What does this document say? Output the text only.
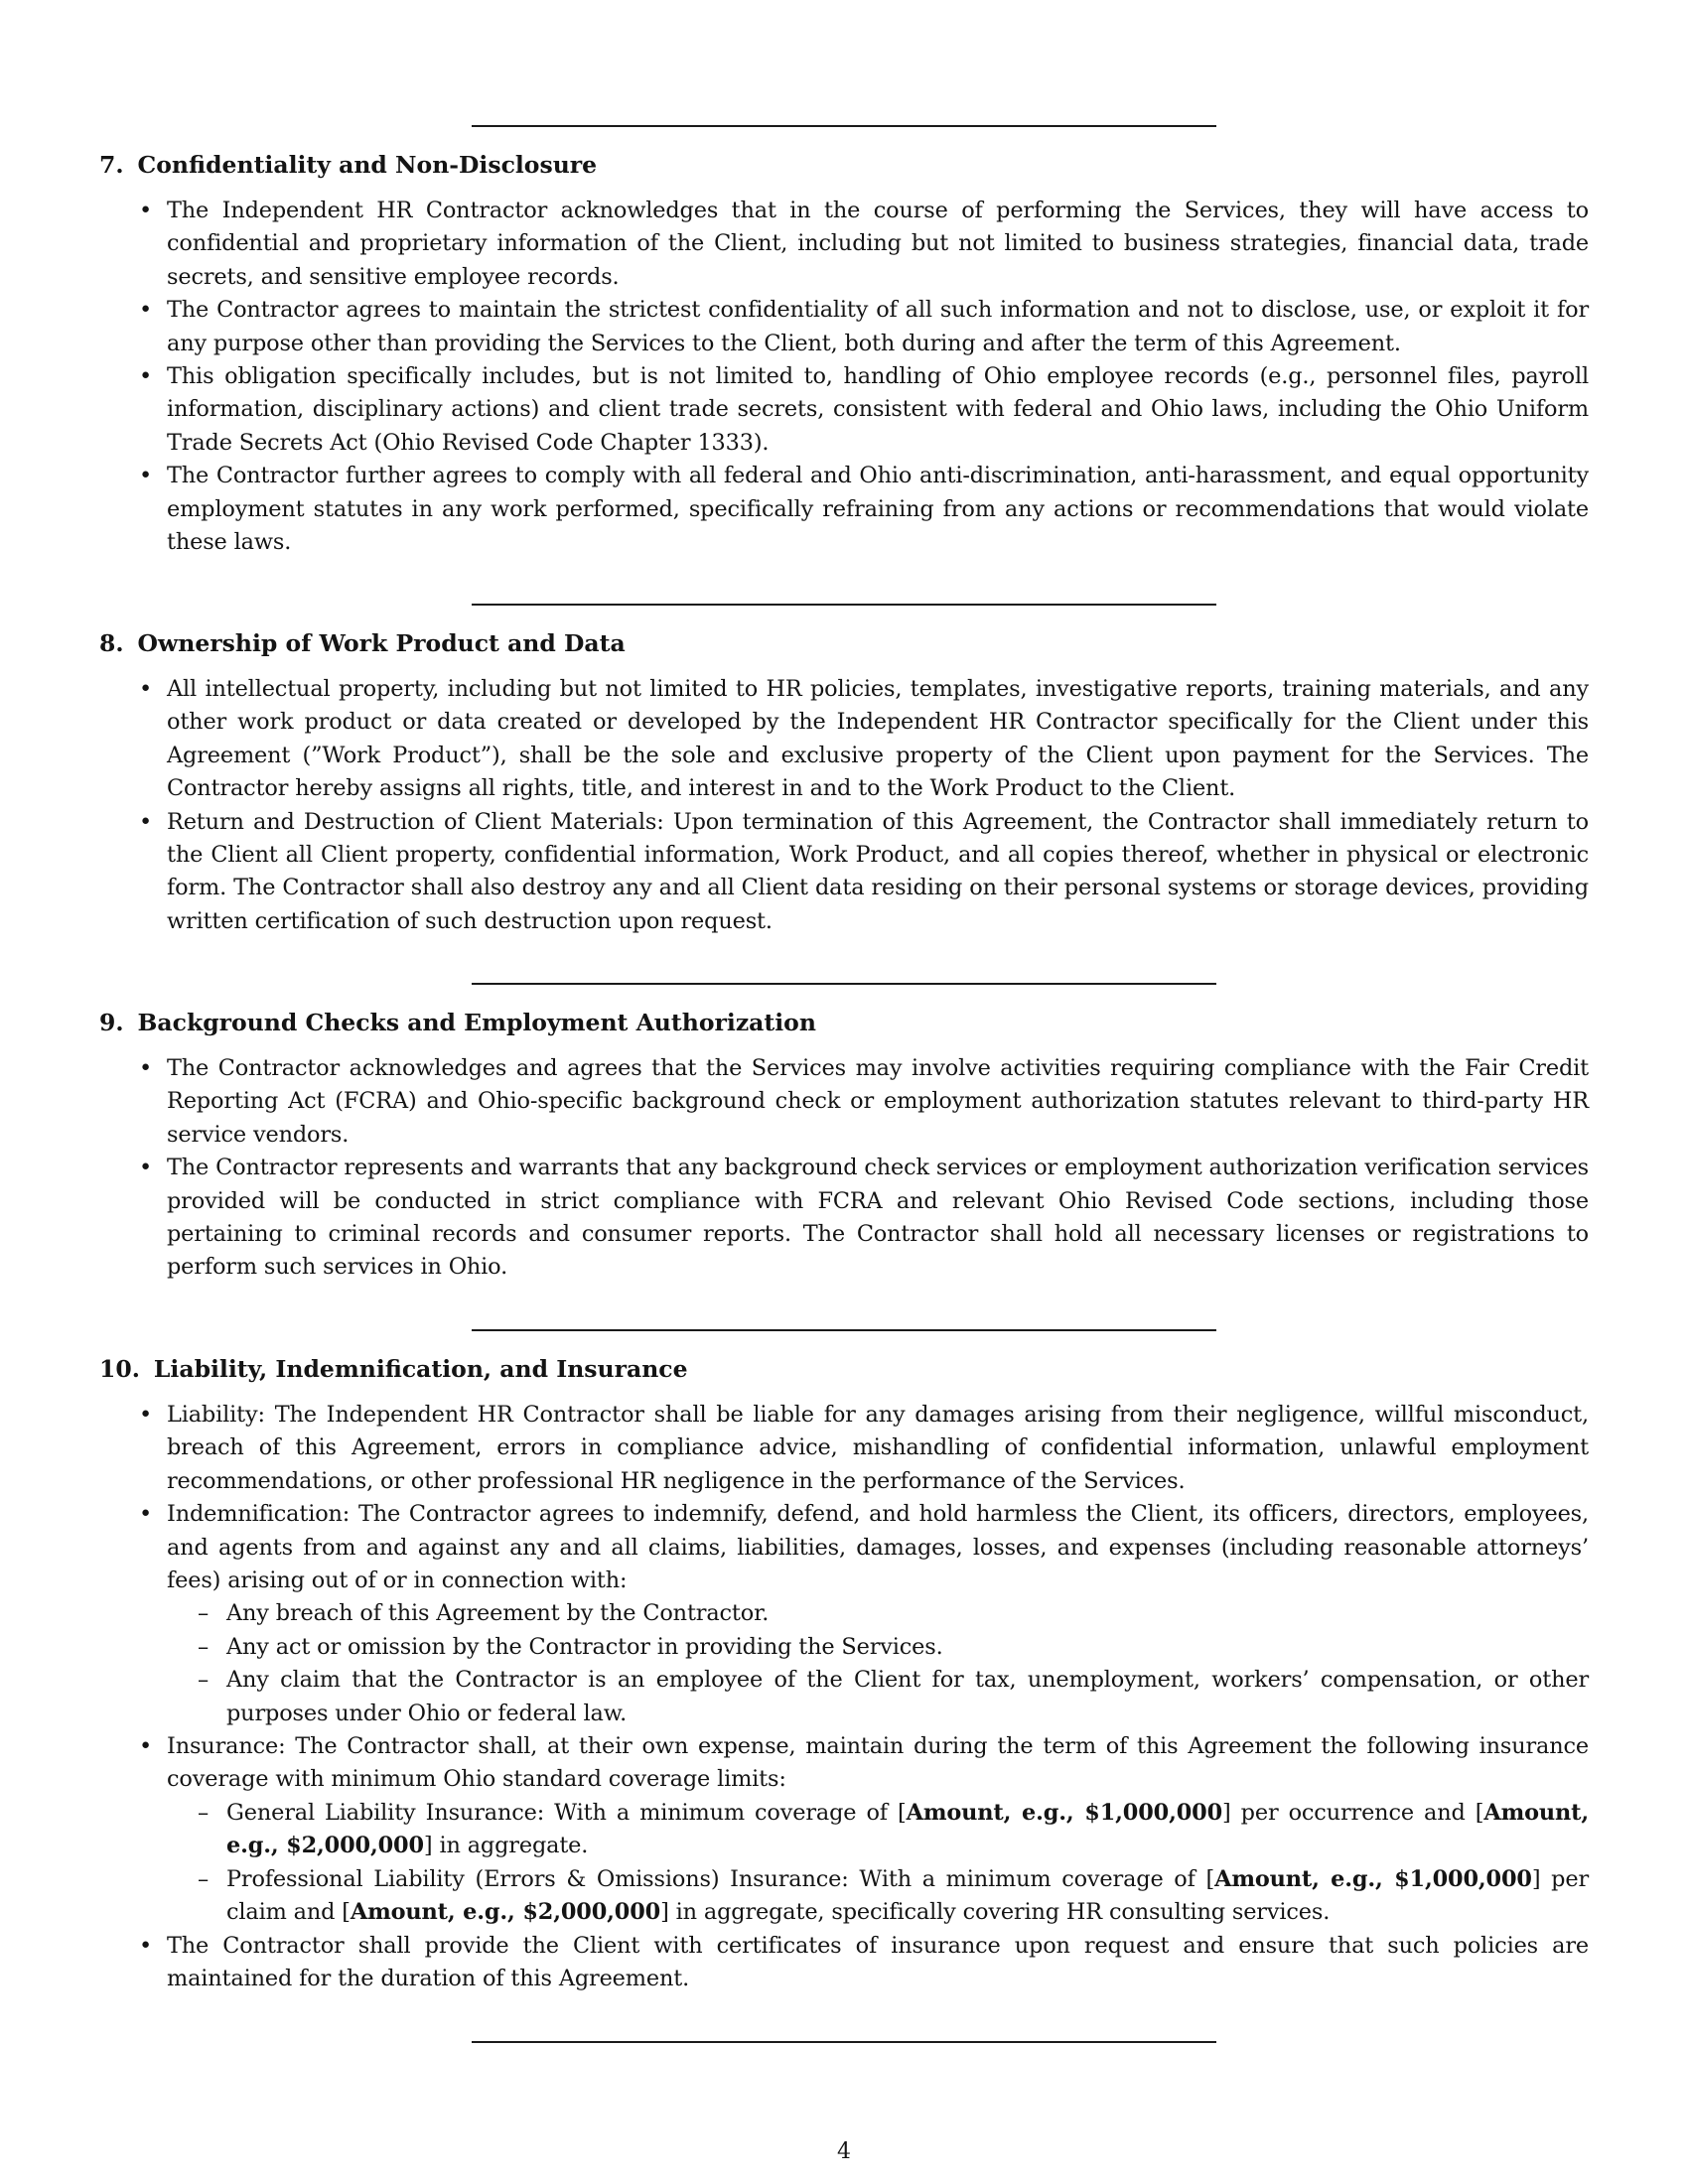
7. Confidentiality and Non-Disclosure
• The Independent HR Contractor acknowledges that in the course of performing the Services, they will have access to confidential and proprietary information of the Client, including but not limited to business strategies, financial data, trade secrets, and sensitive employee records.
• The Contractor agrees to maintain the strictest confidentiality of all such information and not to disclose, use, or exploit it for any purpose other than providing the Services to the Client, both during and after the term of this Agreement.
• This obligation specifically includes, but is not limited to, handling of Ohio employee records (e.g., personnel files, payroll information, disciplinary actions) and client trade secrets, consistent with federal and Ohio laws, including the Ohio Uniform Trade Secrets Act (Ohio Revised Code Chapter 1333).
• The Contractor further agrees to comply with all federal and Ohio anti-discrimination, anti-harassment, and equal opportunity employment statutes in any work performed, specifically refraining from any actions or recommendations that would violate these laws.
8. Ownership of Work Product and Data
• All intellectual property, including but not limited to HR policies, templates, investigative reports, training materials, and any other work product or data created or developed by the Independent HR Contractor specifically for the Client under this Agreement (”Work Product”), shall be the sole and exclusive property of the Client upon payment for the Services. The Contractor hereby assigns all rights, title, and interest in and to the Work Product to the Client.
• Return and Destruction of Client Materials: Upon termination of this Agreement, the Contractor shall immediately return to the Client all Client property, confidential information, Work Product, and all copies thereof, whether in physical or electronic form. The Contractor shall also destroy any and all Client data residing on their personal systems or storage devices, providing written certification of such destruction upon request.
9. Background Checks and Employment Authorization
• The Contractor acknowledges and agrees that the Services may involve activities requiring compliance with the Fair Credit Reporting Act (FCRA) and Ohio-specific background check or employment authorization statutes relevant to third-party HR service vendors.
• The Contractor represents and warrants that any background check services or employment authorization verification services provided will be conducted in strict compliance with FCRA and relevant Ohio Revised Code sections, including those pertaining to criminal records and consumer reports. The Contractor shall hold all necessary licenses or registrations to perform such services in Ohio.
10. Liability, Indemnification, and Insurance
• Liability: The Independent HR Contractor shall be liable for any damages arising from their negligence, willful misconduct, breach of this Agreement, errors in compliance advice, mishandling of confidential information, unlawful employment recommendations, or other professional HR negligence in the performance of the Services.
• Indemnification: The Contractor agrees to indemnify, defend, and hold harmless the Client, its officers, directors, employees, and agents from and against any and all claims, liabilities, damages, losses, and expenses (including reasonable attorneys’ fees) arising out of or in connection with:
– Any breach of this Agreement by the Contractor.
– Any act or omission by the Contractor in providing the Services.
– Any claim that the Contractor is an employee of the Client for tax, unemployment, workers’ compensation, or other purposes under Ohio or federal law.
• Insurance: The Contractor shall, at their own expense, maintain during the term of this Agreement the following insurance coverage with minimum Ohio standard coverage limits:
– General Liability Insurance: With a minimum coverage of [Amount, e.g., $1,000,000] per occurrence and [Amount, e.g., $2,000,000] in aggregate.
– Professional Liability (Errors & Omissions) Insurance: With a minimum coverage of [Amount, e.g., $1,000,000] per claim and [Amount, e.g., $2,000,000] in aggregate, specifically covering HR consulting services.
• The Contractor shall provide the Client with certificates of insurance upon request and ensure that such policies are maintained for the duration of this Agreement.
4
